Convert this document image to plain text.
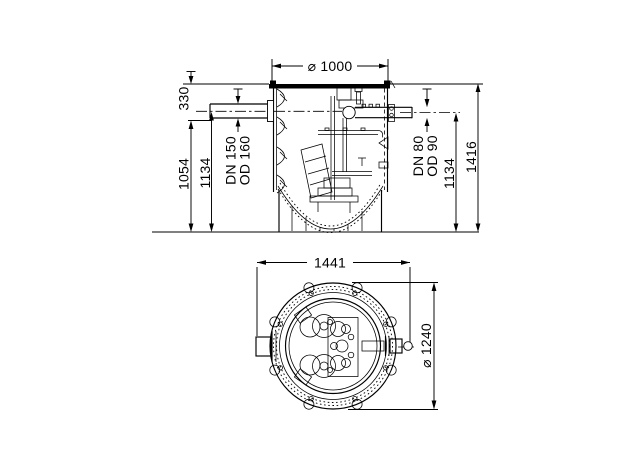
⌀ 1000
330
1054 1134 DN 150
OD 160	DN 80
OD 90 1134
1416
1441
⌀ 1240
